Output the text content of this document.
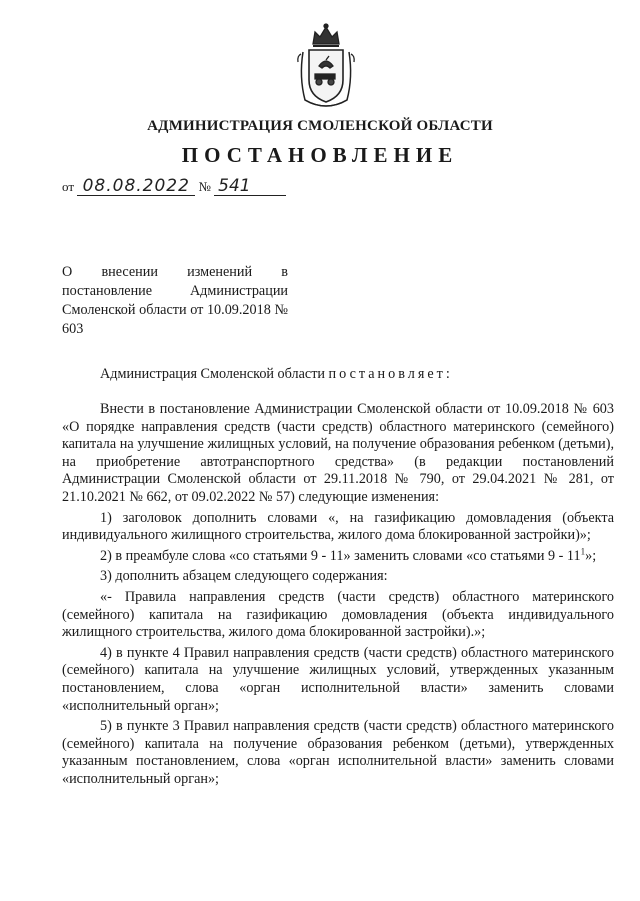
АДМИНИСТРАЦИЯ СМОЛЕНСКОЙ ОБЛАСТИ
ПОСТАНОВЛЕНИЕ
от 08.08.2022 № 541
О внесении изменений в постановление Администрации Смоленской области от 10.09.2018 № 603
Администрация Смоленской области постановляет:

Внести в постановление Администрации Смоленской области от 10.09.2018 № 603 «О порядке направления средств (части средств) областного материнского (семейного) капитала на улучшение жилищных условий, на получение образования ребенком (детьми), на приобретение автотранспортного средства» (в редакции постановлений Администрации Смоленской области от 29.11.2018 № 790, от 29.04.2021 № 281, от 21.10.2021 № 662, от 09.02.2022 № 57) следующие изменения:

1) заголовок дополнить словами «, на газификацию домовладения (объекта индивидуального жилищного строительства, жилого дома блокированной застройки)»;

2) в преамбуле слова «со статьями 9 - 11» заменить словами «со статьями $9 - 11^1$»;

3) дополнить абзацем следующего содержания:

«- Правила направления средств (части средств) областного материнского (семейного) капитала на газификацию домовладения (объекта индивидуального жилищного строительства, жилого дома блокированной застройки).»;

4) в пункте 4 Правил направления средств (части средств) областного материнского (семейного) капитала на улучшение жилищных условий, утвержденных указанным постановлением, слова «орган исполнительной власти» заменить словами «исполнительный орган»;

5) в пункте 3 Правил направления средств (части средств) областного материнского (семейного) капитала на получение образования ребенком (детьми), утвержденных указанным постановлением, слова «орган исполнительной власти» заменить словами «исполнительный орган»;
